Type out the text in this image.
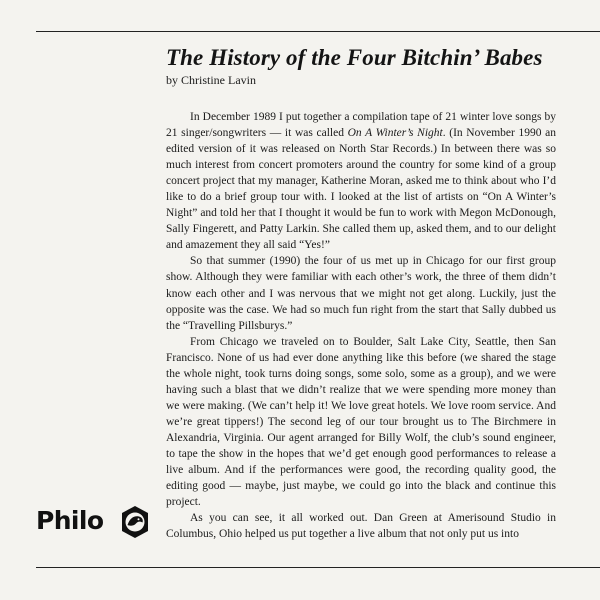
The History of the Four Bitchin’ Babes
by Christine Lavin

In December 1989 I put together a compilation tape of 21 winter love songs by 21 singer/songwriters — it was called On A Winter’s Night. (In November 1990 an edited version of it was released on North Star Records.) In between there was so much interest from concert promoters around the country for some kind of a group concert project that my manager, Katherine Moran, asked me to think about who I’d like to do a brief group tour with. I looked at the list of artists on “On A Winter’s Night” and told her that I thought it would be fun to work with Megon McDonough, Sally Fingerett, and Patty Larkin. She called them up, asked them, and to our delight and amazement they all said “Yes!”

So that summer (1990) the four of us met up in Chicago for our first group show. Although they were familiar with each other’s work, the three of them didn’t know each other and I was nervous that we might not get along. Luckily, just the opposite was the case. We had so much fun right from the start that Sally dubbed us the “Travelling Pillsburys.”

From Chicago we traveled on to Boulder, Salt Lake City, Seattle, then San Francisco. None of us had ever done anything like this before (we shared the stage the whole night, took turns doing songs, some solo, some as a group), and we were having such a blast that we didn’t realize that we were spending more money than we were making. (We can’t help it! We love great hotels. We love room service. And we’re great tippers!) The second leg of our tour brought us to The Birchmere in Alexandria, Virginia. Our agent arranged for Billy Wolf, the club’s sound engineer, to tape the show in the hopes that we’d get enough good performances to release a live album. And if the performances were good, the recording quality good, the editing good — maybe, just maybe, we could go into the black and continue this project.

As you can see, it all worked out. Dan Green at Amerisound Studio in Columbus, Ohio helped us put together a live album that not only put us into

Philo
